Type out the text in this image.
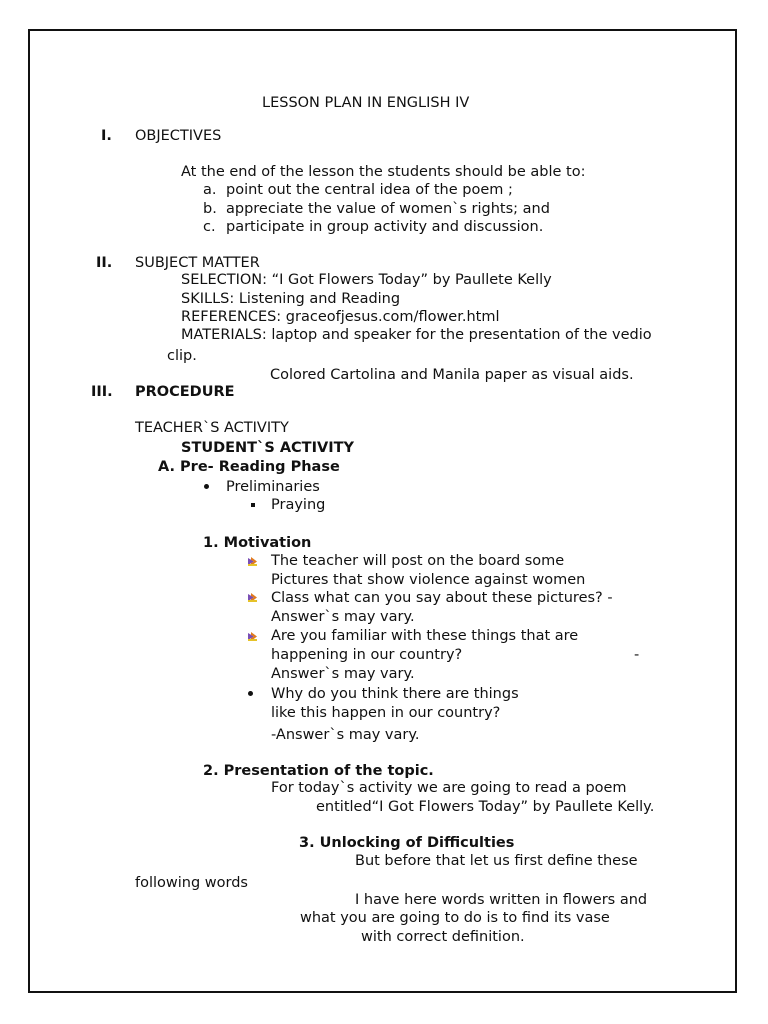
LESSON PLAN IN ENGLISH IV
I. OBJECTIVES
At the end of the lesson the students should be able to:
a. point out the central idea of the poem ;
b. appreciate the value of women`s rights; and
c. participate in group activity and discussion.
II. SUBJECT MATTER
SELECTION: “I Got Flowers Today” by Paullete Kelly
SKILLS: Listening and Reading
REFERENCES: graceofjesus.com/flower.html
MATERIALS: laptop and speaker for the presentation of the vedio
clip.
Colored Cartolina and Manila paper as visual aids.
III. PROCEDURE
TEACHER`S ACTIVITY
STUDENT`S ACTIVITY
A. Pre- Reading Phase
Preliminaries
Praying
1. Motivation
The teacher will post on the board some
Pictures that show violence against women
Class what can you say about these pictures? -
Answer`s may vary.
Are you familiar with these things that are
happening in our country?	-
Answer`s may vary.
Why do you think there are things
like this happen in our country?
-Answer`s may vary.
2. Presentation of the topic.
For today`s activity we are going to read a poem
entitled“I Got Flowers Today” by Paullete Kelly.
3. Unlocking of Difficulties
But before that let us first define these
following words
I have here words written in flowers and
what you are going to do is to find its vase
with correct definition.
